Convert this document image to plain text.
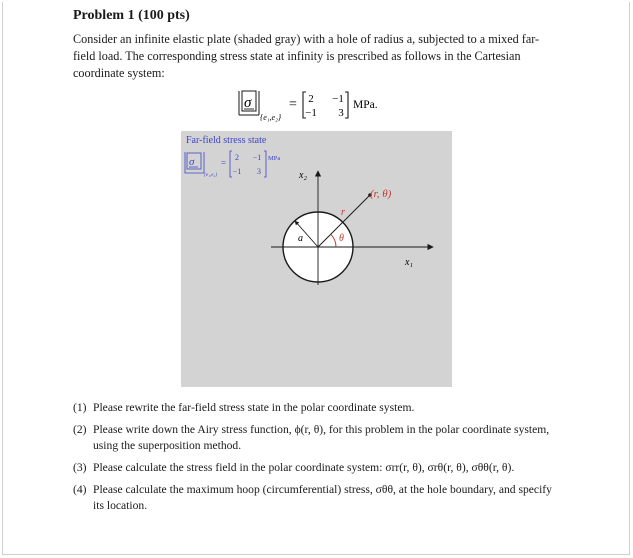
Problem 1 (100 pts)

Consider an infinite elastic plate (shaded gray) with a hole of radius a, subjected to a mixed far-
field load. The corresponding stress state at infinity is prescribed as follows in the Cartesian
coordinate system:

σ
{e₁,e₂}
= 2 −1
−1 3
MPa.

Far-field stress state

σ
{e₁,e₂}
=
2 −1
−1 3
MPa
a
r
(r, θ)
θ
x₂
x₁
(1) Please rewrite the far-field stress state in the polar coordinate system.
(2) Please write down the Airy stress function, ϕ(r, θ), for this problem in the polar coordinate system, using the superposition method.
(3) Please calculate the stress field in the polar coordinate system: σrr(r, θ), σrθ(r, θ), σθθ(r, θ).
(4) Please calculate the maximum hoop (circumferential) stress, σθθ, at the hole boundary, and specify its location.
